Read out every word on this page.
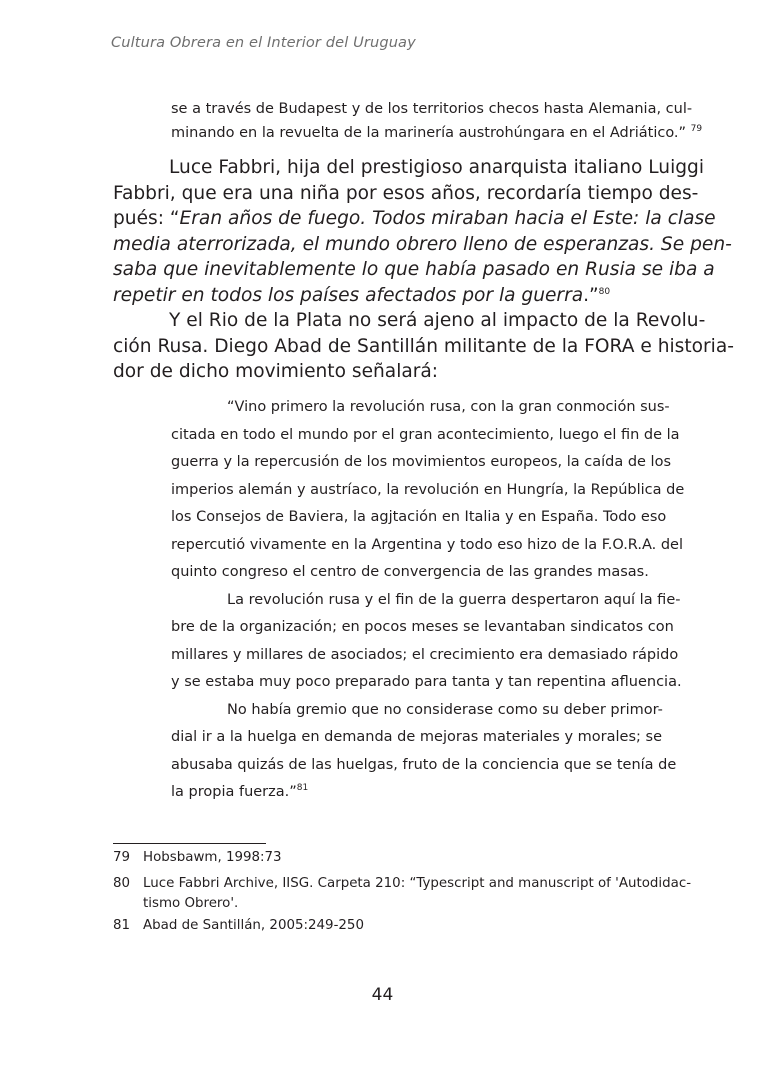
Cultura Obrera en el Interior del Uruguay
se a través de Budapest y de los territorios checos hasta Alemania, cul-
minando en la revuelta de la marinería austrohúngara en el Adriático.” $^{79}$
Luce Fabbri, hija del prestigioso anarquista italiano Luiggi
Fabbri, que era una niña por esos años, recordaría tiempo des-
pués: “Eran años de fuego. Todos miraban hacia el Este: la clase
media aterrorizada, el mundo obrero lleno de esperanzas. Se pen-
saba que inevitablemente lo que había pasado en Rusia se iba a
repetir en todos los países afectados por la guerra.”$^{80}$
Y el Rio de la Plata no será ajeno al impacto de la Revolu-
ción Rusa. Diego Abad de Santillán militante de la FORA e historia-
dor de dicho movimiento señalará:
“Vino primero la revolución rusa, con la gran conmoción sus-
citada en todo el mundo por el gran acontecimiento, luego el fin de la
guerra y la repercusión de los movimientos europeos, la caída de los
imperios alemán y austríaco, la revolución en Hungría, la República de
los Consejos de Baviera, la agjtación en Italia y en España. Todo eso
repercutió vivamente en la Argentina y todo eso hizo de la F.O.R.A. del
quinto congreso el centro de convergencia de las grandes masas.
La revolución rusa y el fin de la guerra despertaron aquí la fie-
bre de la organización; en pocos meses se levantaban sindicatos con
millares y millares de asociados; el crecimiento era demasiado rápido
y se estaba muy poco preparado para tanta y tan repentina afluencia.
No había gremio que no considerase como su deber primor-
dial ir a la huelga en demanda de mejoras materiales y morales; se
abusaba quizás de las huelgas, fruto de la conciencia que se tenía de
la propia fuerza.”$^{81}$
79 Hobsbawm, 1998:73
80 Luce Fabbri Archive, IISG. Carpeta 210: “Typescript and manuscript of 'Autodidac-
tismo Obrero'.
81 Abad de Santillán, 2005:249-250
44
